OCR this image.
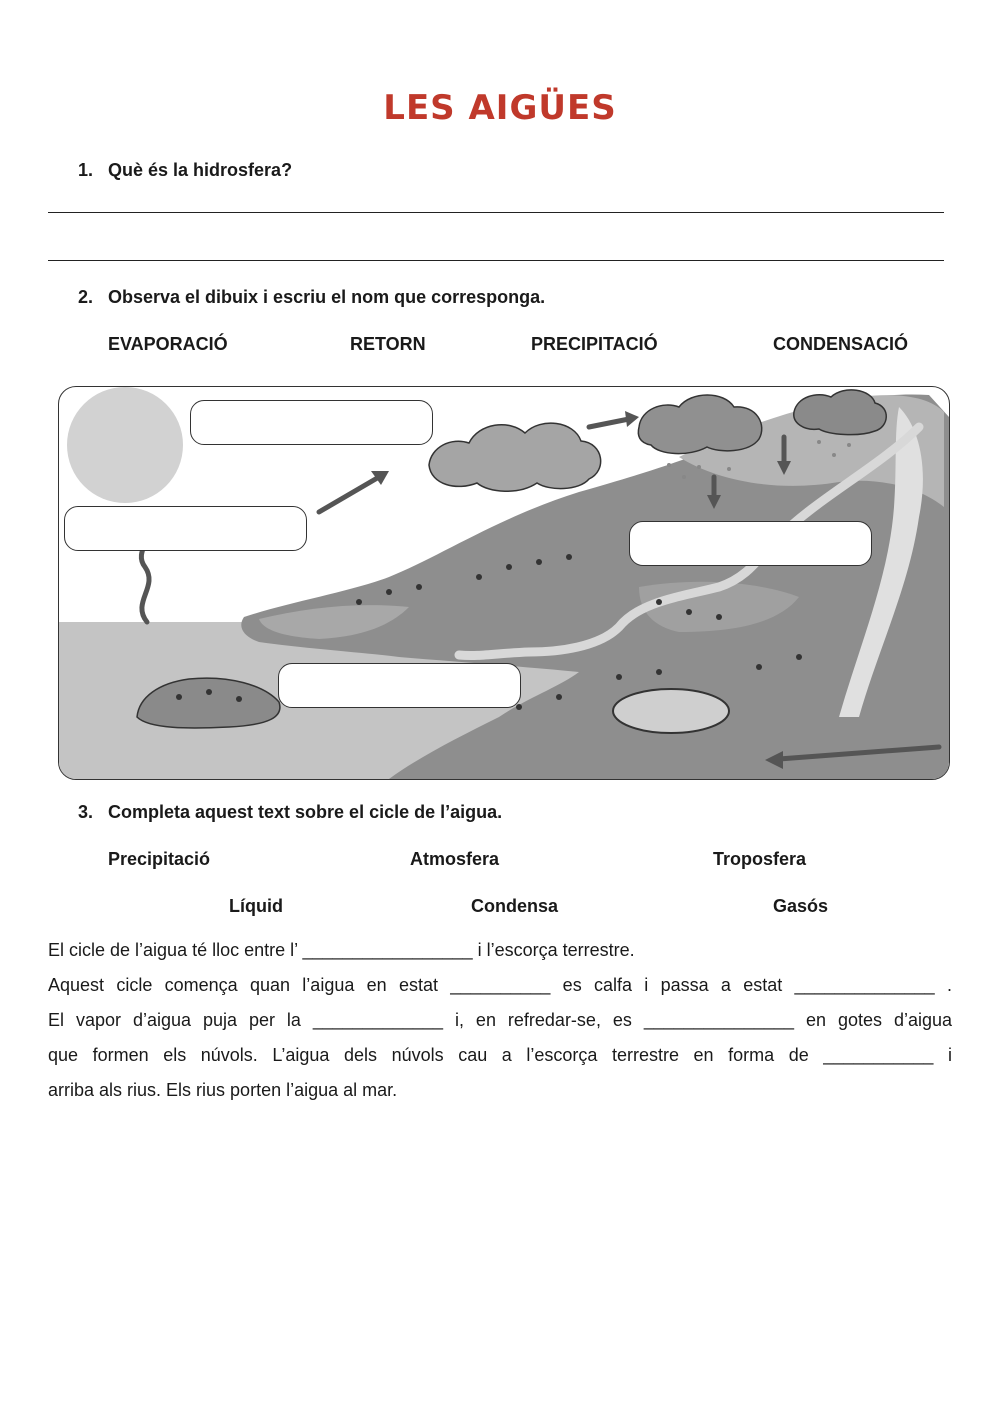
LES AIGÜES
1. Què és la hidrosfera?
2. Observa el dibuix i escriu el nom que corresponga.
EVAPORACIÓ	RETORN	PRECIPITACIÓ	CONDENSACIÓ
3. Completa aquest text sobre el cicle de l’aigua.
Precipitació	Atmosfera	Troposfera
Líquid	Condensa	Gasós

El cicle de l’aigua té lloc entre l’ _________________ i l’escorça terrestre.

Aquest cicle comença quan l’aigua en estat __________ es calfa i passa a estat ______________ .

El vapor d’aigua puja per la _____________ i, en refredar-se, es _______________ en gotes d’aigua

que formen els núvols. L’aigua dels núvols cau a l’escorça terrestre en forma de ___________ i

arriba als rius. Els rius porten l’aigua al mar.
